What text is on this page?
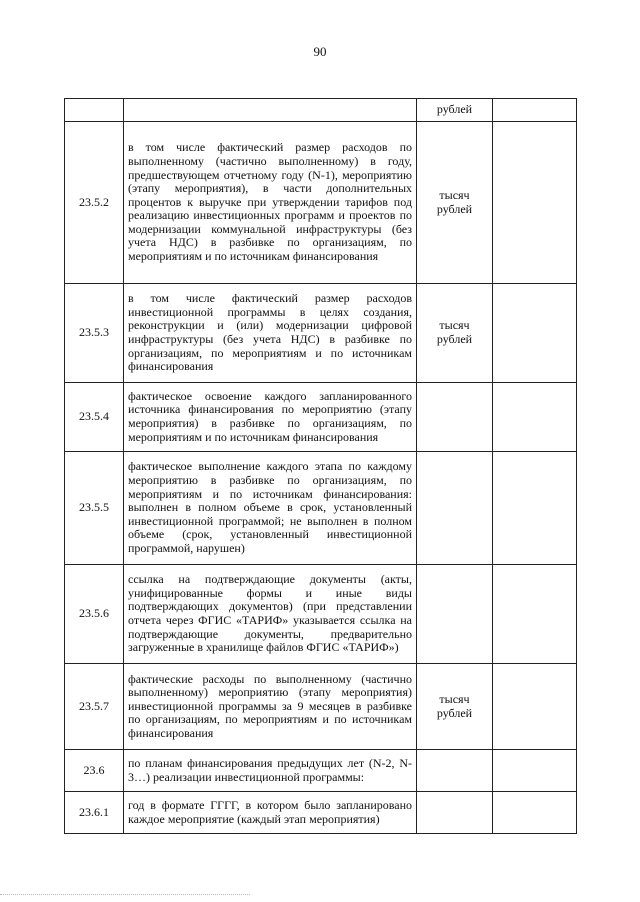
90
		рублей	
23.5.2	в том числе фактический размер расходов по выполненному (частично выполненному) в году, предшествующем отчетному году (N-1), мероприятию (этапу мероприятия), в части дополнительных процентов к выручке при утверждении тарифов под реализацию инвестиционных программ и проектов по модернизации коммунальной инфраструктуры (без учета НДС) в разбивке по организациям, по мероприятиям и по источникам финансирования	тысяч рублей	
23.5.3	в том числе фактический размер расходов инвестиционной программы в целях создания, реконструкции и (или) модернизации цифровой инфраструктуры (без учета НДС) в разбивке по организациям, по мероприятиям и по источникам финансирования	тысяч рублей	
23.5.4	фактическое освоение каждого запланированного источника финансирования по мероприятию (этапу мероприятия) в разбивке по организациям, по мероприятиям и по источникам финансирования		
23.5.5	фактическое выполнение каждого этапа по каждому мероприятию в разбивке по организациям, по мероприятиям и по источникам финансирования: выполнен в полном объеме в срок, установленный инвестиционной программой; не выполнен в полном объеме (срок, установленный инвестиционной программой, нарушен)		
23.5.6	ссылка на подтверждающие документы (акты, унифицированные формы и иные виды подтверждающих документов) (при представлении отчета через ФГИС «ТАРИФ» указывается ссылка на подтверждающие документы, предварительно загруженные в хранилище файлов ФГИС «ТАРИФ»)		
23.5.7	фактические расходы по выполненному (частично выполненному) мероприятию (этапу мероприятия) инвестиционной программы за 9 месяцев в разбивке по организациям, по мероприятиям и по источникам финансирования	тысяч рублей	
23.6	по планам финансирования предыдущих лет (N-2, N-3…) реализации инвестиционной программы:		
23.6.1	год в формате ГГГГ, в котором было запланировано каждое мероприятие (каждый этап мероприятия)		
